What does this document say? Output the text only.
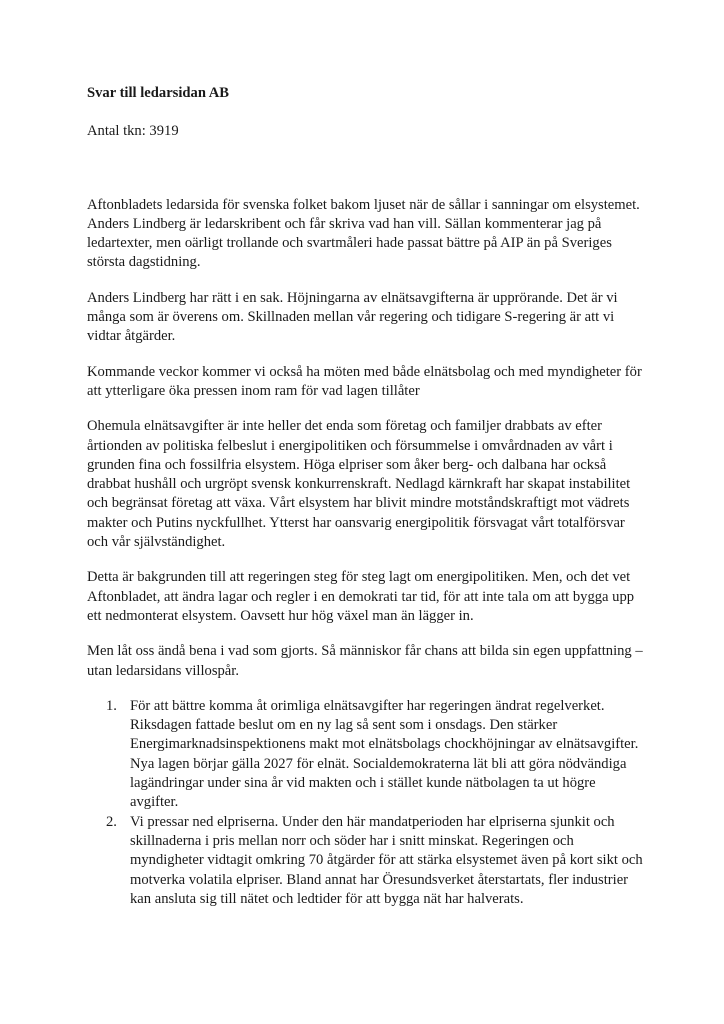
Svar till ledarsidan AB

Antal tkn: 3919

Aftonbladets ledarsida för svenska folket bakom ljuset när de sållar i sanningar om elsystemet. Anders Lindberg är ledarskribent och får skriva vad han vill. Sällan kommenterar jag på ledartexter, men oärligt trollande och svartmåleri hade passat bättre på AIP än på Sveriges största dagstidning.

Anders Lindberg har rätt i en sak. Höjningarna av elnätsavgifterna är upprörande. Det är vi många som är överens om. Skillnaden mellan vår regering och tidigare S-regering är att vi vidtar åtgärder.

Kommande veckor kommer vi också ha möten med både elnätsbolag och med myndigheter för att ytterligare öka pressen inom ram för vad lagen tillåter

Ohemula elnätsavgifter är inte heller det enda som företag och familjer drabbats av efter årtionden av politiska felbeslut i energipolitiken och försummelse i omvårdnaden av vårt i grunden fina och fossilfria elsystem. Höga elpriser som åker berg- och dalbana har också drabbat hushåll och urgröpt svensk konkurrenskraft. Nedlagd kärnkraft har skapat instabilitet och begränsat företag att växa. Vårt elsystem har blivit mindre motståndskraftigt mot vädrets makter och Putins nyckfullhet. Ytterst har oansvarig energipolitik försvagat vårt totalförsvar och vår självständighet.

Detta är bakgrunden till att regeringen steg för steg lagt om energipolitiken. Men, och det vet Aftonbladet, att ändra lagar och regler i en demokrati tar tid, för att inte tala om att bygga upp ett nedmonterat elsystem. Oavsett hur hög växel man än lägger in.

Men låt oss ändå bena i vad som gjorts. Så människor får chans att bilda sin egen uppfattning – utan ledarsidans villospår.

1. För att bättre komma åt orimliga elnätsavgifter har regeringen ändrat regelverket. Riksdagen fattade beslut om en ny lag så sent som i onsdags. Den stärker Energimarknadsinspektionens makt mot elnätsbolags chockhöjningar av elnätsavgifter. Nya lagen börjar gälla 2027 för elnät. Socialdemokraterna lät bli att göra nödvändiga lagändringar under sina år vid makten och i stället kunde nätbolagen ta ut högre avgifter.
2. Vi pressar ned elpriserna. Under den här mandatperioden har elpriserna sjunkit och skillnaderna i pris mellan norr och söder har i snitt minskat. Regeringen och myndigheter vidtagit omkring 70 åtgärder för att stärka elsystemet även på kort sikt och motverka volatila elpriser. Bland annat har Öresundsverket återstartats, fler industrier kan ansluta sig till nätet och ledtider för att bygga nät har halverats.
